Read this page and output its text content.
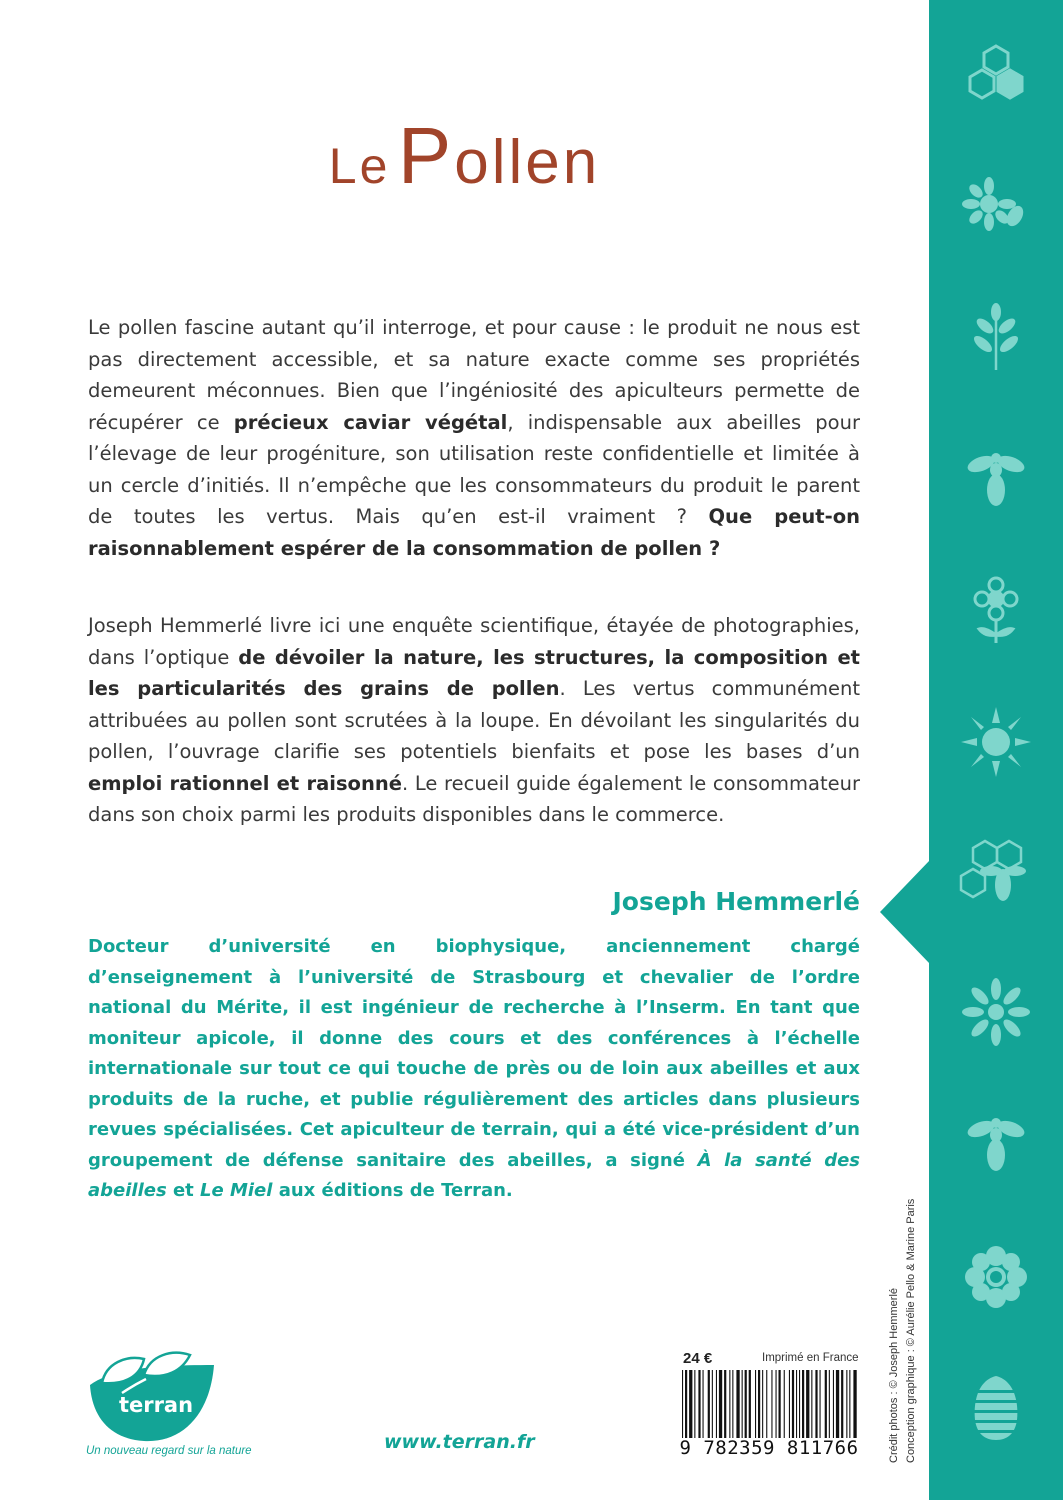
Le Pollen

Le pollen fascine autant qu’il interroge, et pour cause : le produit ne nous est pas directement accessible, et sa nature exacte comme ses propriétés demeurent méconnues. Bien que l’ingéniosité des apiculteurs permette de récupérer ce précieux caviar végétal, indispensable aux abeilles pour l’élevage de leur progéniture, son utilisation reste confidentielle et limitée à un cercle d’initiés. Il n’empêche que les consommateurs du produit le parent de toutes les vertus. Mais qu’en est-il vraiment ? Que peut-on raisonnablement espérer de la consommation de pollen ?

Joseph Hemmerlé livre ici une enquête scientifique, étayée de photographies, dans l’optique de dévoiler la nature, les structures, la composition et les particularités des grains de pollen. Les vertus communément attribuées au pollen sont scrutées à la loupe. En dévoilant les singularités du pollen, l’ouvrage clarifie ses potentiels bienfaits et pose les bases d’un emploi rationnel et raisonné. Le recueil guide également le consommateur dans son choix parmi les produits disponibles dans le commerce.

Joseph Hemmerlé

Docteur d’université en biophysique, anciennement chargé d’enseignement à l’université de Strasbourg et chevalier de l’ordre national du Mérite, il est ingénieur de recherche à l’Inserm. En tant que moniteur apicole, il donne des cours et des conférences à l’échelle internationale sur tout ce qui touche de près ou de loin aux abeilles et aux produits de la ruche, et publie régulièrement des articles dans plusieurs revues spécialisées. Cet apiculteur de terrain, qui a été vice-président d’un groupement de défense sanitaire des abeilles, a signé À la santé des abeilles et Le Miel aux éditions de Terran.

terran
Un nouveau regard sur la nature	www.terran.fr
24 €	Imprimé en France
9 782359 811766	Crédit photos : © Joseph Hemmerlé Conception graphique : © Aurélie Pello & Marine Paris
